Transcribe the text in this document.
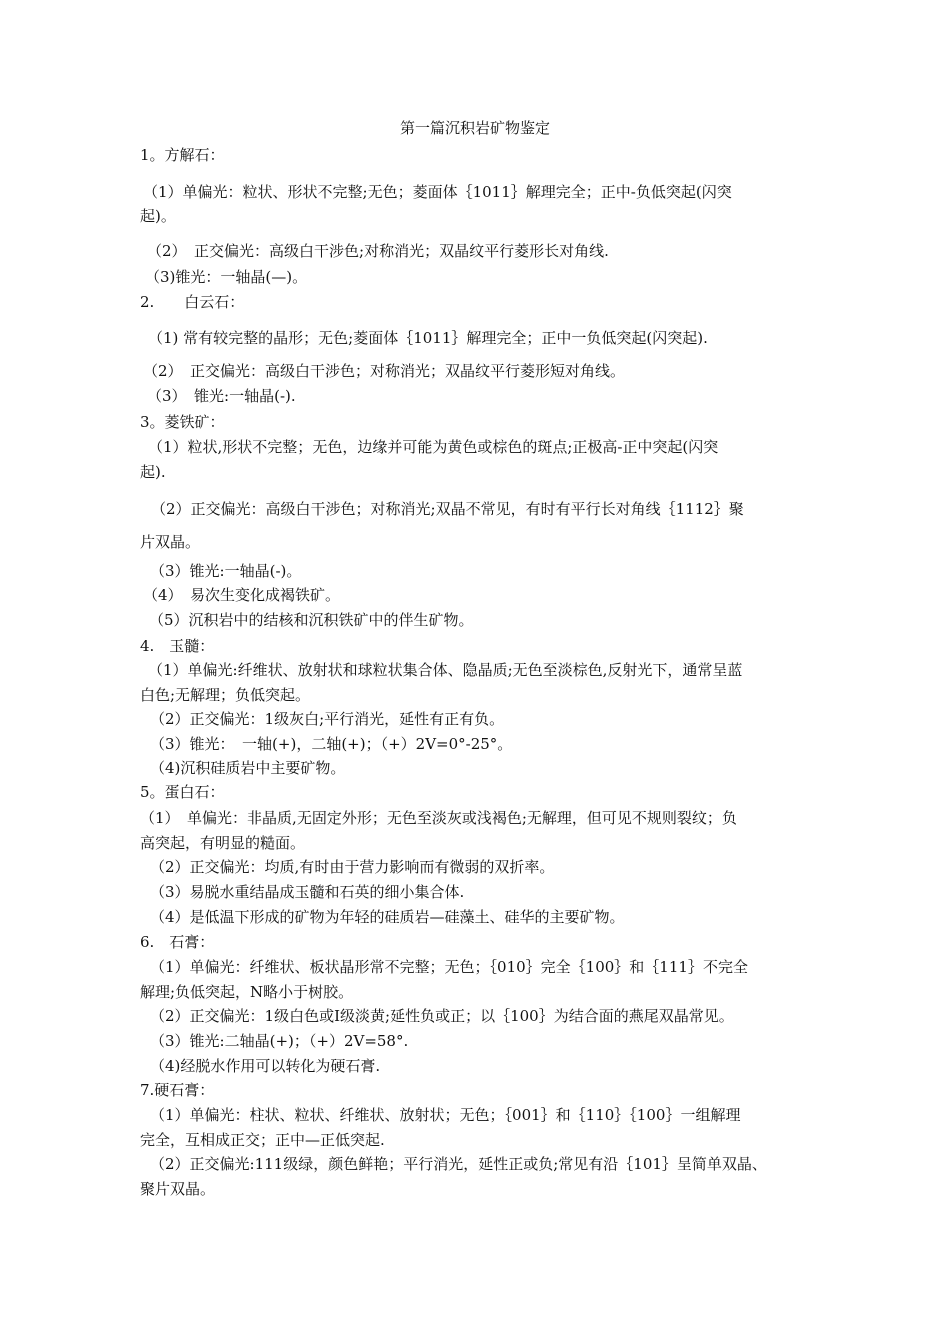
第一篇沉积岩矿物鉴定
1。方解石：
（1）单偏光：粒状、形状不完整;无色；菱面体｛1011｝解理完全；正中-负低突起(闪突
起)。
（2）　正交偏光：高级白干涉色;对称消光；双晶纹平行菱形长对角线.
（3)锥光：一轴晶(—)。
2.　　白云石：
（1) 常有较完整的晶形；无色;菱面体｛1011｝解理完全；正中一负低突起(闪突起).
（2）　正交偏光：高级白干涉色；对称消光；双晶纹平行菱形短对角线。
（3）　锥光:一轴晶(-).
3。菱铁矿：
（1）粒状,形状不完整；无色，边缘并可能为黄色或棕色的斑点;正极高-正中突起(闪突
起).
（2）正交偏光：高级白干涉色；对称消光;双晶不常见，有时有平行长对角线｛1112｝聚
片双晶。
（3）锥光:一轴晶(-)。
（4）　易次生变化成褐铁矿。
（5）沉积岩中的结核和沉积铁矿中的伴生矿物。
4.　玉髓：
（1）单偏光:纤维状、放射状和球粒状集合体、隐晶质;无色至淡棕色,反射光下，通常呈蓝
白色;无解理；负低突起。
（2）正交偏光：1级灰白;平行消光，延性有正有负。
（3）锥光：　一轴(+)，二轴(+)；（+）2V=0°-25°。
（4)沉积硅质岩中主要矿物。
5。蛋白石：
（1）　单偏光：非晶质,无固定外形；无色至淡灰或浅褐色;无解理，但可见不规则裂纹；负
高突起，有明显的糙面。
（2）正交偏光：均质,有时由于营力影响而有微弱的双折率。
（3）易脱水重结晶成玉髓和石英的细小集合体.
（4）是低温下形成的矿物为年轻的硅质岩—硅藻土、硅华的主要矿物。
6.　石膏：
（1）单偏光：纤维状、板状晶形常不完整；无色；｛010｝完全｛100｝和｛111｝不完全
解理;负低突起，N略小于树胶。
（2）正交偏光：1级白色或Ⅰ级淡黄;延性负或正；以｛100｝为结合面的燕尾双晶常见。
（3）锥光:二轴晶(+)；（+）2V=58°.
（4)经脱水作用可以转化为硬石膏.
7.硬石膏：
（1）单偏光：柱状、粒状、纤维状、放射状；无色；｛001｝和｛110｝｛100｝一组解理
完全，互相成正交；正中—正低突起.
（2）正交偏光:111级绿，颜色鲜艳；平行消光，延性正或负;常见有沿｛101｝呈简单双晶、
聚片双晶。
